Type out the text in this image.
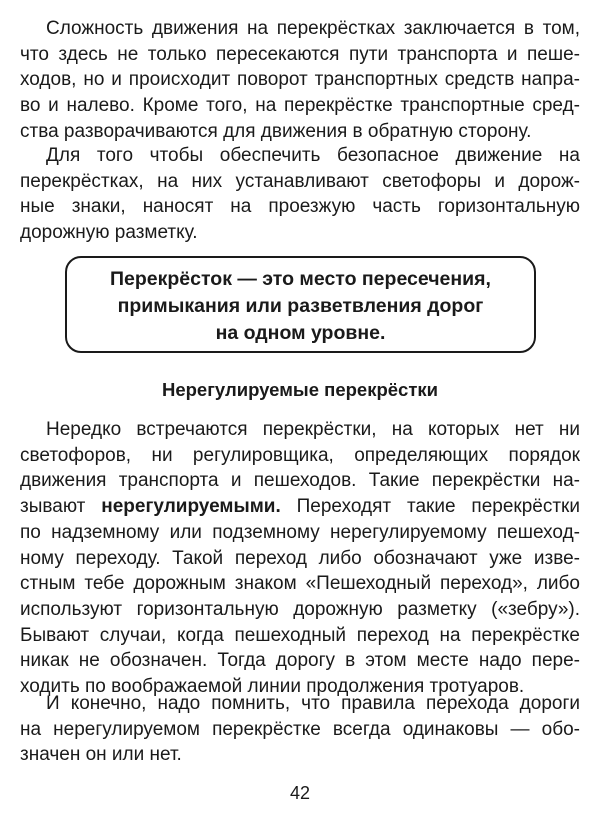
Сложность движения на перекрёстках заключается в том,
что здесь не только пересекаются пути транспорта и пеше-
ходов, но и происходит поворот транспортных средств напра-
во и налево. Кроме того, на перекрёстке транспортные сред-
ства разворачиваются для движения в обратную сторону.

Для того чтобы обеспечить безопасное движение на
перекрёстках, на них устанавливают светофоры и дорож-
ные знаки, наносят на проезжую часть горизонтальную
дорожную разметку.

Перекрёсток — это место пересечения,
примыкания или разветвления дорог
на одном уровне.
Нерегулируемые перекрёстки

Нередко встречаются перекрёстки, на которых нет ни
светофоров, ни регулировщика, определяющих порядок
движения транспорта и пешеходов. Такие перекрёстки на-
зывают нерегулируемыми. Переходят такие перекрёстки
по надземному или подземному нерегулируемому пешеход-
ному переходу. Такой переход либо обозначают уже изве-
стным тебе дорожным знаком «Пешеходный переход», либо
используют горизонтальную дорожную разметку («зебру»).
Бывают случаи, когда пешеходный переход на перекрёстке
никак не обозначен. Тогда дорогу в этом месте надо пере-
ходить по воображаемой линии продолжения тротуаров.

И конечно, надо помнить, что правила перехода дороги
на нерегулируемом перекрёстке всегда одинаковы — обо-
значен он или нет.

42
